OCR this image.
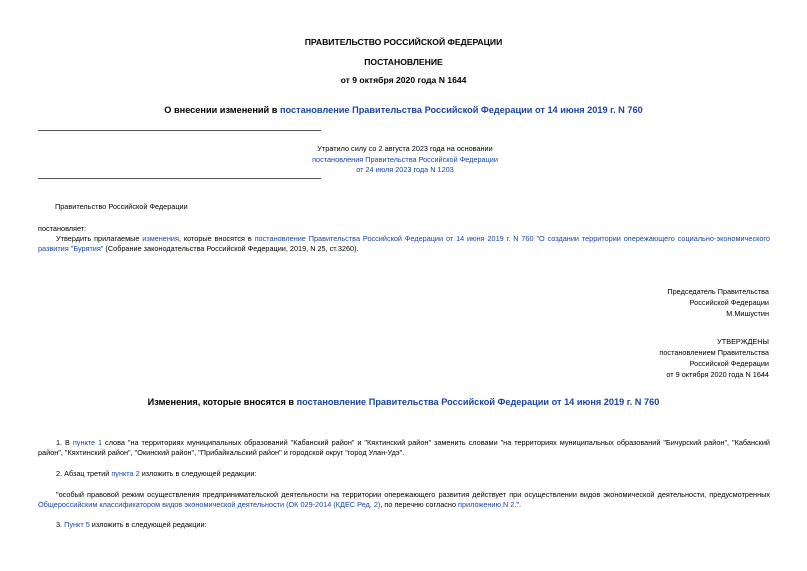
ПРАВИТЕЛЬСТВО РОССИЙСКОЙ ФЕДЕРАЦИИ
ПОСТАНОВЛЕНИЕ
от 9 октября 2020 года N 1644
О внесении изменений в постановление Правительства Российской Федерации от 14 июня 2019 г. N 760
Утратило силу со 2 августа 2023 года на основании
постановления Правительства Российской Федерации
от 24 июля 2023 года N 1203
Правительство Российской Федерации
постановляет:
Утвердить прилагаемые изменения, которые вносятся в постановление Правительства Российской Федерации от 14 июня 2019 г. N 760 "О создании территории опережающего социально-экономического развития "Бурятия" (Собрание законодательства Российской Федерации, 2019, N 25, ст.3260).
Председатель Правительства
Российской Федерации
М.Мишустин
УТВЕРЖДЕНЫ
постановлением Правительства
Российской Федерации
от 9 октября 2020 года N 1644
Изменения, которые вносятся в постановление Правительства Российской Федерации от 14 июня 2019 г. N 760
1. В пункте 1 слова "на территориях муниципальных образований "Кабанский район" и "Кяхтинский район" заменить словами "на территориях муниципальных образований "Бичурский район", "Кабанский район", "Кяхтинский район", "Окинский район", "Прибайкальский район" и городской округ "город Улан-Удэ".
2. Абзац третий пункта 2 изложить в следующей редакции:
"особый правовой режим осуществления предпринимательской деятельности на территории опережающего развития действует при осуществлении видов экономической деятельности, предусмотренных Общероссийским классификатором видов экономической деятельности (ОК 029-2014 (КДЕС Ред. 2), по перечню согласно приложению N 2.".
3. Пункт 5 изложить в следующей редакции:
